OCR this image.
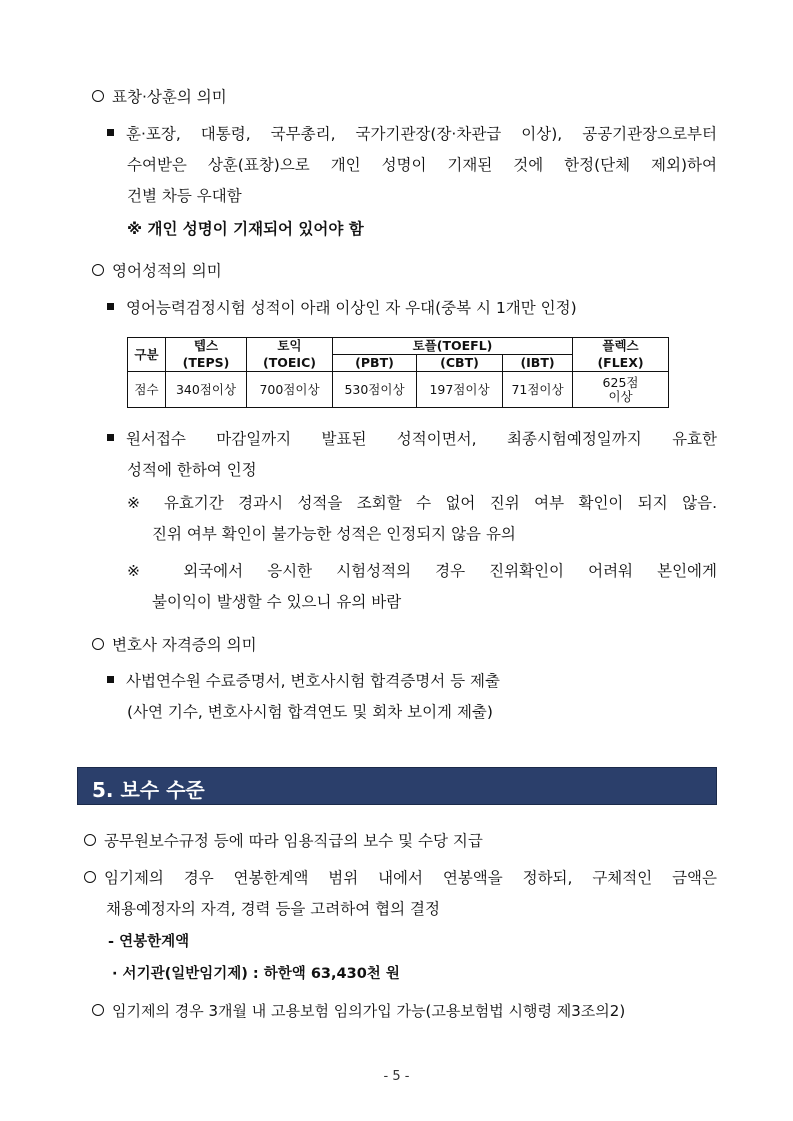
표창·상훈의 의미
훈·포장, 대통령, 국무총리, 국가기관장(장·차관급 이상), 공공기관장으로부터
수여받은 상훈(표창)으로 개인 성명이 기재된 것에 한정(단체 제외)하여
건별 차등 우대함
※ 개인 성명이 기재되어 있어야 함
영어성적의 의미
영어능력검정시험 성적이 아래 이상인 자 우대(중복 시 1개만 인정)
구분	텝스	토익	토플(TOEFL)			플렉스
	(TEPS)	(TOEIC)	(PBT)	(CBT)	(IBT)	(FLEX)
점수	340점이상	700점이상	530점이상	197점이상	71점이상	625점
이상
원서접수 마감일까지 발표된 성적이면서, 최종시험예정일까지 유효한
성적에 한하여 인정
※ 유효기간 경과시 성적을 조회할 수 없어 진위 여부 확인이 되지 않음.
진위 여부 확인이 불가능한 성적은 인정되지 않음 유의
※ 외국에서 응시한 시험성적의 경우 진위확인이 어려워 본인에게
불이익이 발생할 수 있으니 유의 바람
변호사 자격증의 의미
사법연수원 수료증명서, 변호사시험 합격증명서 등 제출
(사연 기수, 변호사시험 합격연도 및 회차 보이게 제출)
5. 보수 수준
공무원보수규정 등에 따라 임용직급의 보수 및 수당 지급
임기제의 경우 연봉한계액 범위 내에서 연봉액을 정하되, 구체적인 금액은
채용예정자의 자격, 경력 등을 고려하여 협의 결정
- 연봉한계액
· 서기관(일반임기제) : 하한액 63,430천 원
임기제의 경우 3개월 내 고용보험 임의가입 가능(고용보험법 시행령 제3조의2)
- 5 -
